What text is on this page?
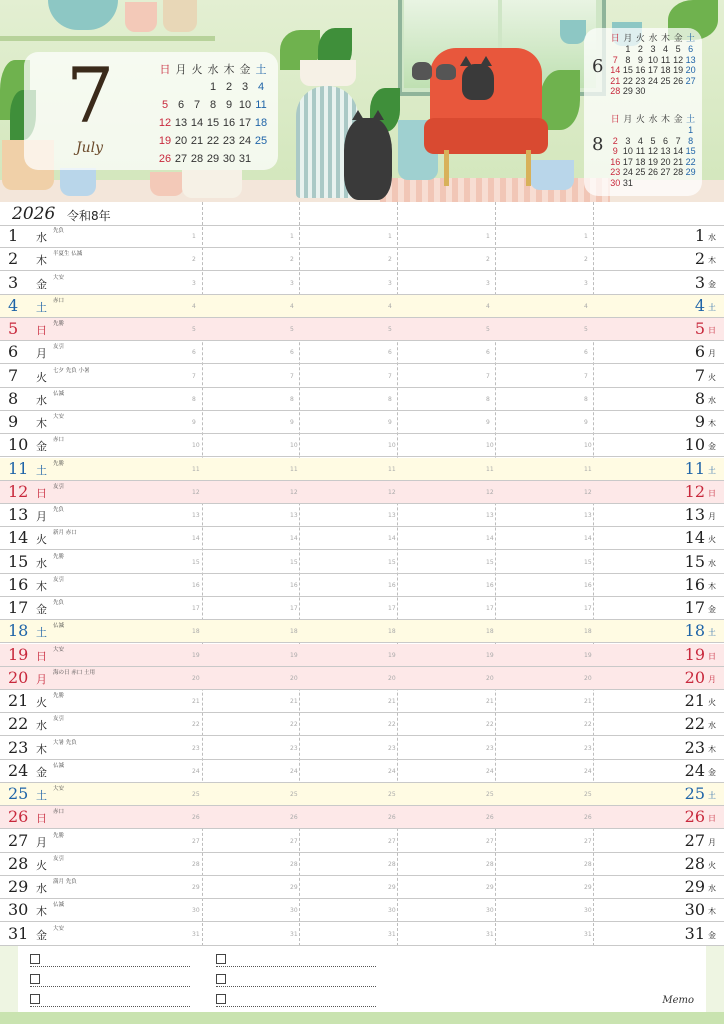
7
July
日	月	火	水	木	金	土
			1	2	3	4
5	6	7	8	9	10	11
12	13	14	15	16	17	18
19	20	21	22	23	24	25
26	27	28	29	30	31	
6
日	月	火	水	木	金	土
	1	2	3	4	5	6
7	8	9	10	11	12	13
14	15	16	17	18	19	20
21	22	23	24	25	26	27
28	29	30				
8
日	月	火	水	木	金	土
						1
2	3	4	5	6	7	8
9	10	11	12	13	14	15
16	17	18	19	20	21	22
23	24	25	26	27	28	29
30	31					
2026 令和8年
1	水 先負
1	1	1	1	1	1 水
2	木 半夏生 仏滅
2	2	2	2	2	2 木
3	金 大安
3	3	3	3	3	3 金
4	土 赤口
4	4	4	4	4	4 土
5	日 先勝
5	5	5	5	5	5 日
6	月 友引
6	6	6	6	6	6 月
7	火 七夕 先負 小暑
7	7	7	7	7	7 火
8	水 仏滅
8	8	8	8	8	8 水
9	木 大安
9	9	9	9	9	9 木
10 金 赤口
10	10	10	10	10	10 金
11 土 先勝
11	11	11	11	11	11 土
12 日 友引
12	12	12	12	12	12 日
13 月 先負
13	13	13	13	13	13 月
14 火 新月 赤口
14	14	14	14	14	14 火
15 水 先勝
15	15	15	15	15	15 水
16 木 友引
16	16	16	16	16	16 木
17 金 先負
17	17	17	17	17	17 金
18 土 仏滅
18	18	18	18	18	18 土
19 日 大安
19	19	19	19	19	19 日
20 月 海の日 赤口 土用
20	20	20	20	20	20 月
21 火 先勝
21	21	21	21	21	21 火
22 水 友引
22	22	22	22	22	22 水
23 木 大暑 先負
23	23	23	23	23	23 木
24 金 仏滅
24	24	24	24	24	24 金
25 土 大安
25	25	25	25	25	25 土
26 日 赤口
26	26	26	26	26	26 日
27 月 先勝
27	27	27	27	27	27 月
28 火 友引
28	28	28	28	28	28 火
29 水 満月 先負
29	29	29	29	29	29 水
30 木 仏滅
30	30	30	30	30	30 木
31 金 大安
31	31	31	31	31	31 金
Memo
